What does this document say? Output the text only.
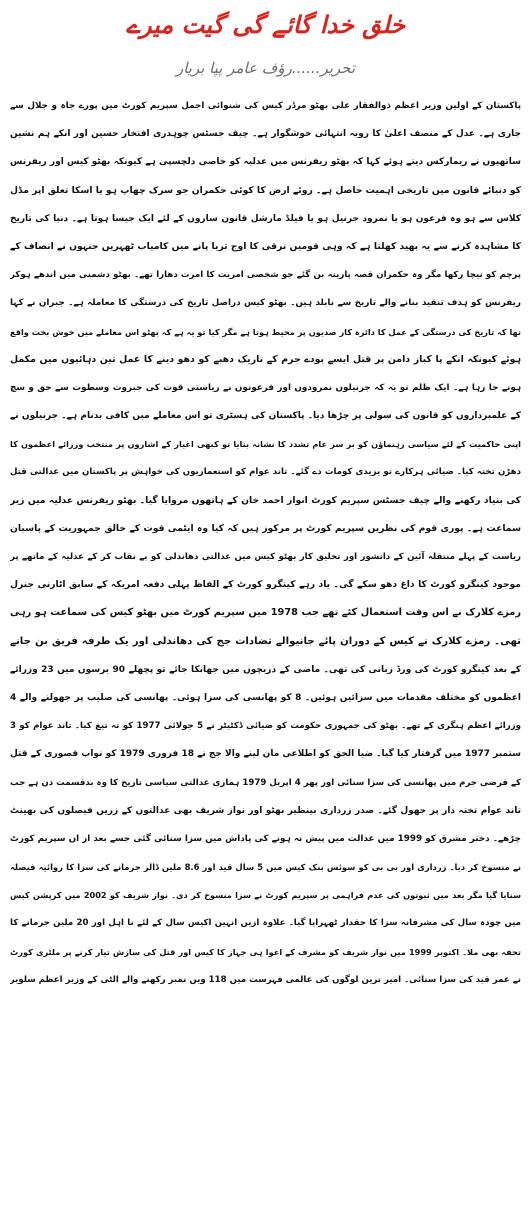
خلق خدا گائے گی گیت میرے
تحریر......رؤف عامر پپا بریار
پاکستان کے اولین وزیر اعظم ذوالفقار علی بھٹو مرڈر کیس کی شنوائی اجمل سپریم کورٹ میں پورے جاہ و جلال سے
جاری ہے۔ عدل کے منصف اعلیٰ کا رویہ انتہائی خوشگوار ہے۔ چیف جسٹس چوہدری افتخار حسین اور انکے ہم نشین
ساتھیوں نے ریمارکس دیتے ہوئے کہا کہ بھٹو ریفرنس میں عدلیہ کو خاصی دلچسپی ہے کیونکہ بھٹو کیس اور ریفرنس
کو دنیائے قانون میں تاریخی اہمیت حاصل ہے۔ روئے ارض کا کوئی حکمران جو سرک چھاپ ہو یا اسکا تعلق اپر مڈل
کلاس سے ہو وہ فرعون ہو یا نمرود جرنیل ہو یا فیلڈ مارشل قانون ساروں کے لئے ایک جیسا ہوتا ہے۔ دنیا کی تاریخ
کا مشاہدہ کرنے سے یہ بھید کھلتا ہے کہ وہی قومیں ترقی کا اوج ثریا پانے میں کامیاب ٹھہریں جنہوں نے انصاف کے
پرچم کو نیچا رکھا مگر وہ حکمران قصہ پارینہ بن گئے جو شخصی امریت کا امرت دھارا تھے۔ بھٹو دشمنی میں اندھے ہوکر
ریفرنس کو ہدف تنقید بنانے والے تاریخ سے نابلد ہیں۔ بھٹو کیس دراصل تاریخ کی درستگی کا معاملہ ہے۔ جبران نے کہا
تھا کہ تاریخ کی درستگی کے عمل کا دائرہ کار صدیوں پر محیط ہوتا ہے مگر کیا تو یہ ہے کہ بھٹو اس معاملے میں خوش بخت واقع
ہوئے کیونکہ انکے پا کباز دامن پر قتل ایسے بودے جرم کے تاریک دھبے کو دھو دینے کا عمل تین دہائیوں میں مکمل
ہونے جا رہا ہے۔ ایک ظلم تو یہ کہ جرنیلوں نمرودوں اور فرعونوں نے ریاستی قوت کی جبروت وسطوت سے حق و سچ
کے علمبرداروں کو قانون کی سولی پر چڑھا دیا۔ پاکستان کی ہسٹری تو اس معاملے میں کافی بدنام ہے۔ جرنیلوں نے
اپنی حاکمیت کے لئے سیاسی رہنماؤں کو بر سر عام تشدد کا نشانہ بنایا تو کبھی اغیار کے اشاروں پر منتخب وزرائے اعظموں کا
دھڑن تختہ کیا۔ ضیائی ہرکارے تو یزیدی کومات دے گئے۔ تاند عوام کو استعماریوں کی خواہش پر پاکستان میں عدالتی قتل
کی بنیاد رکھنے والے چیف جسٹس سپریم کورٹ انوار احمد خان کے ہاتھوں مروایا گیا۔ بھٹو ریفرنس عدلیہ میں زیر
سماعت ہے۔ پوری قوم کی نظریں سپریم کورٹ پر مرکوز ہیں کہ کیا وہ ایٹمی قوت کے خالق جمہوریت کے پاسبان
ریاست کے پہلے منتقلہ آئین کے دانشور اور تخلیق کار بھٹو کیس میں عدالتی دھاندلی کو بے نقاب کر کے عدلیہ کے ماتھے پر
موجود کینگرو کورٹ کا داغ دھو سکے گی۔ یاد رہے کینگرو کورٹ کے الفاظ پہلی دفعہ امریکہ کے سابق اٹارنی جنرل
رمزے کلارک نے اس وقت استعمال کئے تھے جب 1978 میں سپریم کورٹ میں بھٹو کیس کی سماعت ہو رہی
تھی۔ رمزے کلارک نے کیس کے دوران پائے جانیوالے تضادات جج کی دھاندلی اور یک طرفہ فریق بن جانے
کے بعد کینگرو کورٹ کی ورڈ زبانی کی تھی۔ ماضی کے دریچوں میں جھانکا جائے تو پچھلے 90 برسوں میں 23 وزرائے
اعظموں کو مختلف مقدمات میں سزائیں ہوئیں۔ 8 کو پھانسی کی سزا ہوئی۔ پھانسی کی صلیب پر جھولنے والے 4
وزرائے اعظم ہنگری کے تھے۔ بھٹو کی جمہوری حکومت کو ضیائی ڈکٹیٹر نے 5 جولائی 1977 کو تہ تیغ کیا۔ تاند عوام کو 3
ستمبر 1977 میں گرفتار کیا گیا۔ ضیا الحق کو اطلاعی مان لینے والا جج نے 18 فروری 1979 کو نواب قصوری کے قتل
کے فرضی جرم میں پھانسی کی سزا سنائی اور پھر 4 اپریل 1979 ہماری عدالتی سیاسی تاریخ کا وہ بدقسمت دن ہے جب
تاند عوام تختہ دار پر جھول گئے۔ صدر زرداری بینظیر بھٹو اور نواز شریف بھی عدالتوں کے زریں فیصلوں کی بھینٹ
چڑھے۔ دختر مشرق کو 1999 میں عدالت میں پیش نہ ہونے کی پاداش میں سزا سنائی گئی جسے بعد از اں سپریم کورٹ
نے منسوخ کر دیا۔ زرداری اور بی بی کو سوئس بنک کیس میں 5 سال قید اور 8.6 ملین ڈالر جرمانے کی سزا کا روائیہ فیصلہ
سنایا گیا مگر بعد میں ثبوتوں کی عدم فراہمی پر سپریم کورٹ نے سزا منسوخ کر دی۔ نواز شریف کو 2002 میں کرپشن کیس
میں چودہ سال کی مشرفانہ سزا کا حقدار ٹھہرایا گیا۔ علاوہ ازیں انہیں اکیس سال کے لئے نا اہل اور 20 ملین جرمانے کا
تحفہ بھی ملا۔ اکتوبر 1999 میں نواز شریف کو مشرف کے اغوا ہی جہاز کا کیس اور قتل کی سازش تیار کرنے پر ملٹری کورٹ
نے عمر قید کی سزا سنائی۔ امیر ترین لوگوں کی عالمی فہرست میں 118 ویں نمبر رکھنے والے الٹی کے وزیر اعظم سلویر
